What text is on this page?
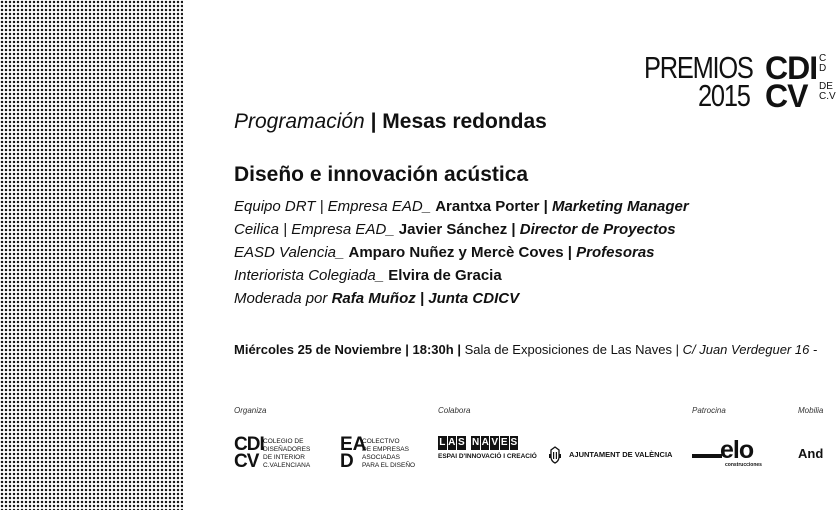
PREMIOS CDI
2015 CV
C
D
DE
C.V
Programación | Mesas redondas
Diseño e innovación acústica
Equipo DRT | Empresa EAD_ Arantxa Porter | Marketing Manager
Ceilica | Empresa EAD_ Javier Sánchez | Director de Proyectos
EASD Valencia_ Amparo Nuñez y Mercè Coves | Profesoras
Interiorista Colegiada_ Elvira de Gracia
Moderada por Rafa Muñoz | Junta CDICV
Miércoles 25 de Noviembre | 18:30h | Sala de Exposiciones de Las Naves | C/ Juan Verdeguer 16 -
Organiza	Colabora	Patrocina	Mobilia
CDI
CV
COLEGIO DE
DISEÑADORES
DE INTERIOR
C.VALENCIANA
EA
D
COLECTIVO
DE EMPRESAS
ASOCIADAS
PARA EL DISEÑO
L A S N A V E S
ESPAI D'INNOVACIÓ I CREACIÓ	AJUNTAMENT DE VALÈNCIA elo
construcciones
And
